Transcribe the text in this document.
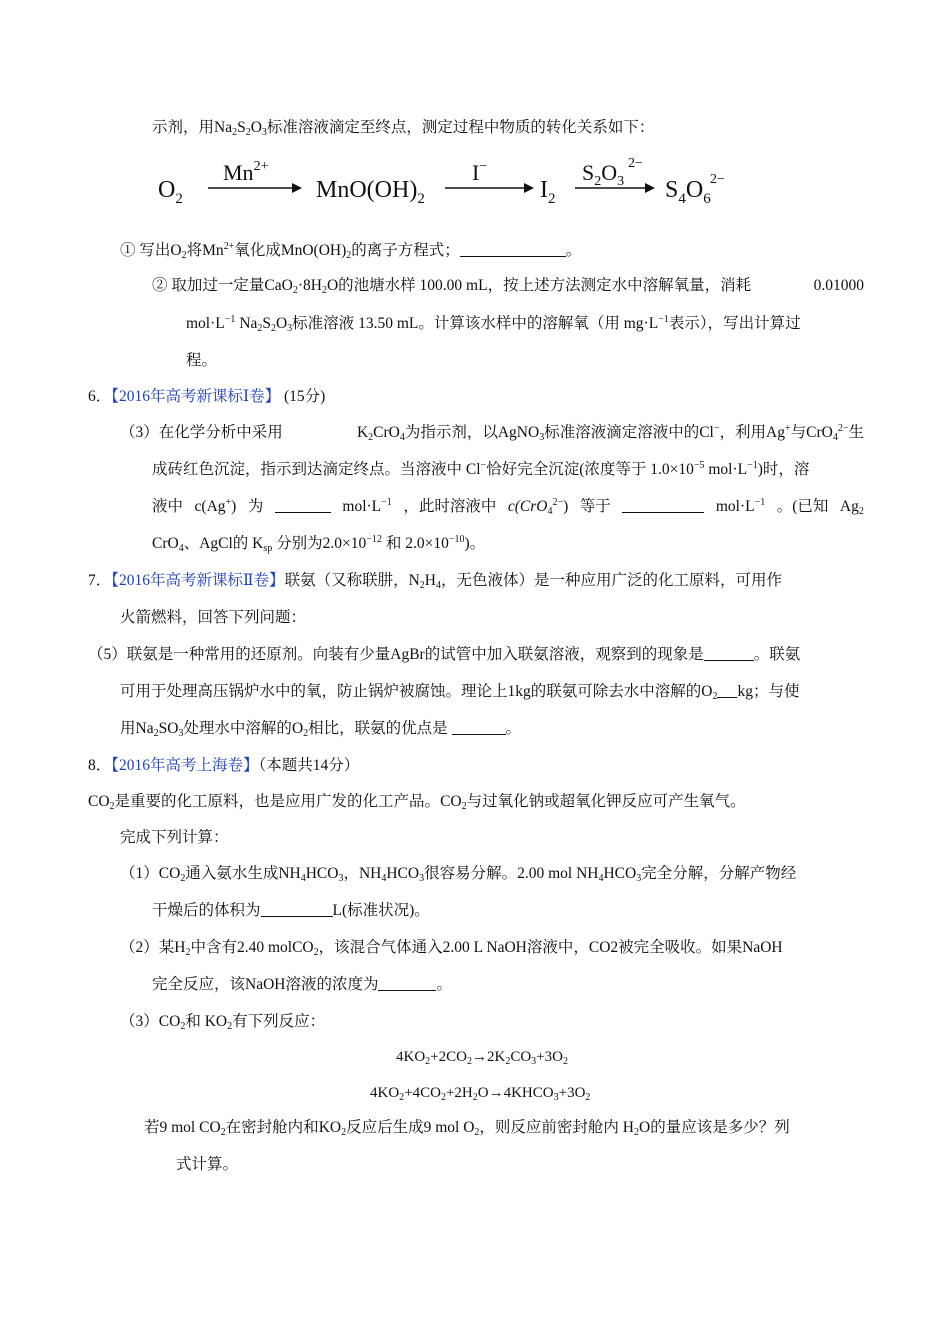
示剂，用$Na_2S_2O_3$标准溶液滴定至终点，测定过程中物质的转化关系如下：
$O_2$
$Mn^{2+}$
$MnO(OH)_2$
I−
$I_2$
$S_2O_32-$
$S_4O_62-$
① 写出$O_2$将$Mn^{2+}$氧化成$MnO(OH)_2$的离子方程式；	。
② 取加过一定量$CaO_2\cdot 8H_2O$的池塘水样 100.00 mL，按上述方法测定水中溶解氧量，消耗	0.01000
$mol\cdot L^{-1}$ $Na_2S_2O_3$标准溶液 13.50 mL。计算该水样中的溶解氧（用 $mg\cdot L^{-1}$表示），写出计算过
程。
6．【2016年高考新课标Ⅰ卷】 (15分)
（3）在化学分析中采用	$K_2CrO_4$为指示剂，以AgNO$_3$标准溶液滴定溶液中的Cl−，利用Ag+与CrO$_4^{2-}$生
成砖红色沉淀，指示到达滴定终点。当溶液中 Cl−恰好完全沉淀(浓度等于 $1.0\times 10^{-5}$ $mol\cdot L^{-1}$)时，溶
液中 c(Ag+) 为	$mol\cdot L^{-1}$ ，此时溶液中 c(CrO$_4^{2-}$) 等于	$mol\cdot L^{-1}$ 。(已知 $Ag_2$
CrO$_4$、AgCl的 $K_{sp}$ 分别为$2.0\times 10^{-12}$ 和 $2.0\times 10^{-10}$)。
7．【2016年高考新课标Ⅱ卷】联氨（又称联肼，$N_2H_4$，无色液体）是一种应用广泛的化工原料，可用作
火箭燃料，回答下列问题：
（5）联氨是一种常用的还原剂。向装有少量AgBr的试管中加入联氨溶液，观察到的现象是	。联氨
可用于处理高压锅炉水中的氧，防止锅炉被腐蚀。理论上1kg的联氨可除去水中溶解的$O_2$ kg；与使
用$Na_2SO_3$处理水中溶解的$O_2$相比，联氨的优点是	。
8．【2016年高考上海卷】（本题共14分）
$CO_2$是重要的化工原料，也是应用广发的化工产品。$CO_2$与过氧化钠或超氧化钾反应可产生氧气。
完成下列计算：
$(1)CO_2$通入氨水生成$NH_4HCO_3$，$NH_4HCO_3$很容易分解。2.00 mol $NH_4HCO_3$完全分解，分解产物经
干燥后的体积为	L(标准状况)。
（2）某$H_2$中含有2.40 molCO$_2$，该混合气体通入2.00 L NaOH溶液中，CO2被完全吸收。如果NaOH
完全反应，该NaOH溶液的浓度为	。
$(3)CO_2$和 $KO_2$有下列反应：
$4KO_2+2CO_2\to 2K_2CO_3+3O_2$
$4KO_2+4CO_2+2H_2O\to 4KHCO_3+3O_2$
若9 mol $CO_2$在密封舱内和$KO_2$反应后生成9 mol $O_2$，则反应前密封舱内 $H_2O$的量应该是多少？列
式计算。
